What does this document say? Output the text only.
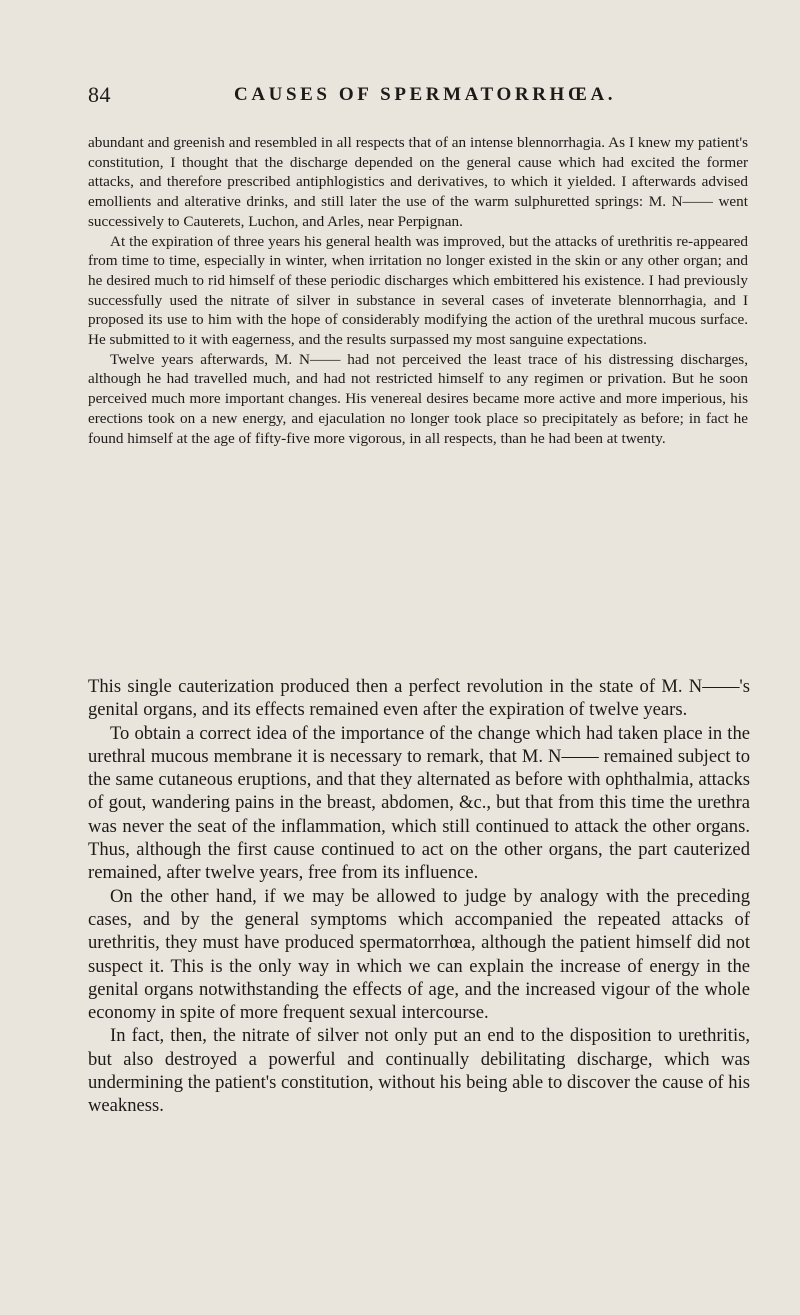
84	CAUSES OF SPERMATORRHŒA.

abundant and greenish and resembled in all respects that of an intense blennorrhagia. As I knew my patient's constitution, I thought that the discharge depended on the general cause which had excited the former attacks, and therefore prescribed antiphlogistics and derivatives, to which it yielded. I afterwards advised emollients and alterative drinks, and still later the use of the warm sulphuretted springs: M. N—— went successively to Cauterets, Luchon, and Arles, near Perpignan.

At the expiration of three years his general health was improved, but the attacks of urethritis re-appeared from time to time, especially in winter, when irritation no longer existed in the skin or any other organ; and he desired much to rid himself of these periodic discharges which embittered his existence. I had previously successfully used the nitrate of silver in substance in several cases of inveterate blennorrhagia, and I proposed its use to him with the hope of considerably modifying the action of the urethral mucous surface. He submitted to it with eagerness, and the results surpassed my most sanguine expectations.

Twelve years afterwards, M. N—— had not perceived the least trace of his distressing discharges, although he had travelled much, and had not restricted himself to any regimen or privation. But he soon perceived much more important changes. His venereal desires became more active and more imperious, his erections took on a new energy, and ejaculation no longer took place so precipitately as before; in fact he found himself at the age of fifty-five more vigorous, in all respects, than he had been at twenty.

This single cauterization produced then a perfect revolution in the state of M. N——'s genital organs, and its effects remained even after the expiration of twelve years.

To obtain a correct idea of the importance of the change which had taken place in the urethral mucous membrane it is necessary to remark, that M. N—— remained subject to the same cutaneous eruptions, and that they alternated as before with ophthalmia, attacks of gout, wandering pains in the breast, abdomen, &c., but that from this time the urethra was never the seat of the inflammation, which still continued to attack the other organs. Thus, although the first cause continued to act on the other organs, the part cauterized remained, after twelve years, free from its influence.

On the other hand, if we may be allowed to judge by analogy with the preceding cases, and by the general symptoms which accompanied the repeated attacks of urethritis, they must have produced spermatorrhœa, although the patient himself did not suspect it. This is the only way in which we can explain the increase of energy in the genital organs notwithstanding the effects of age, and the increased vigour of the whole economy in spite of more frequent sexual intercourse.

In fact, then, the nitrate of silver not only put an end to the disposition to urethritis, but also destroyed a powerful and continually debilitating discharge, which was undermining the patient's constitution, without his being able to discover the cause of his weakness.
